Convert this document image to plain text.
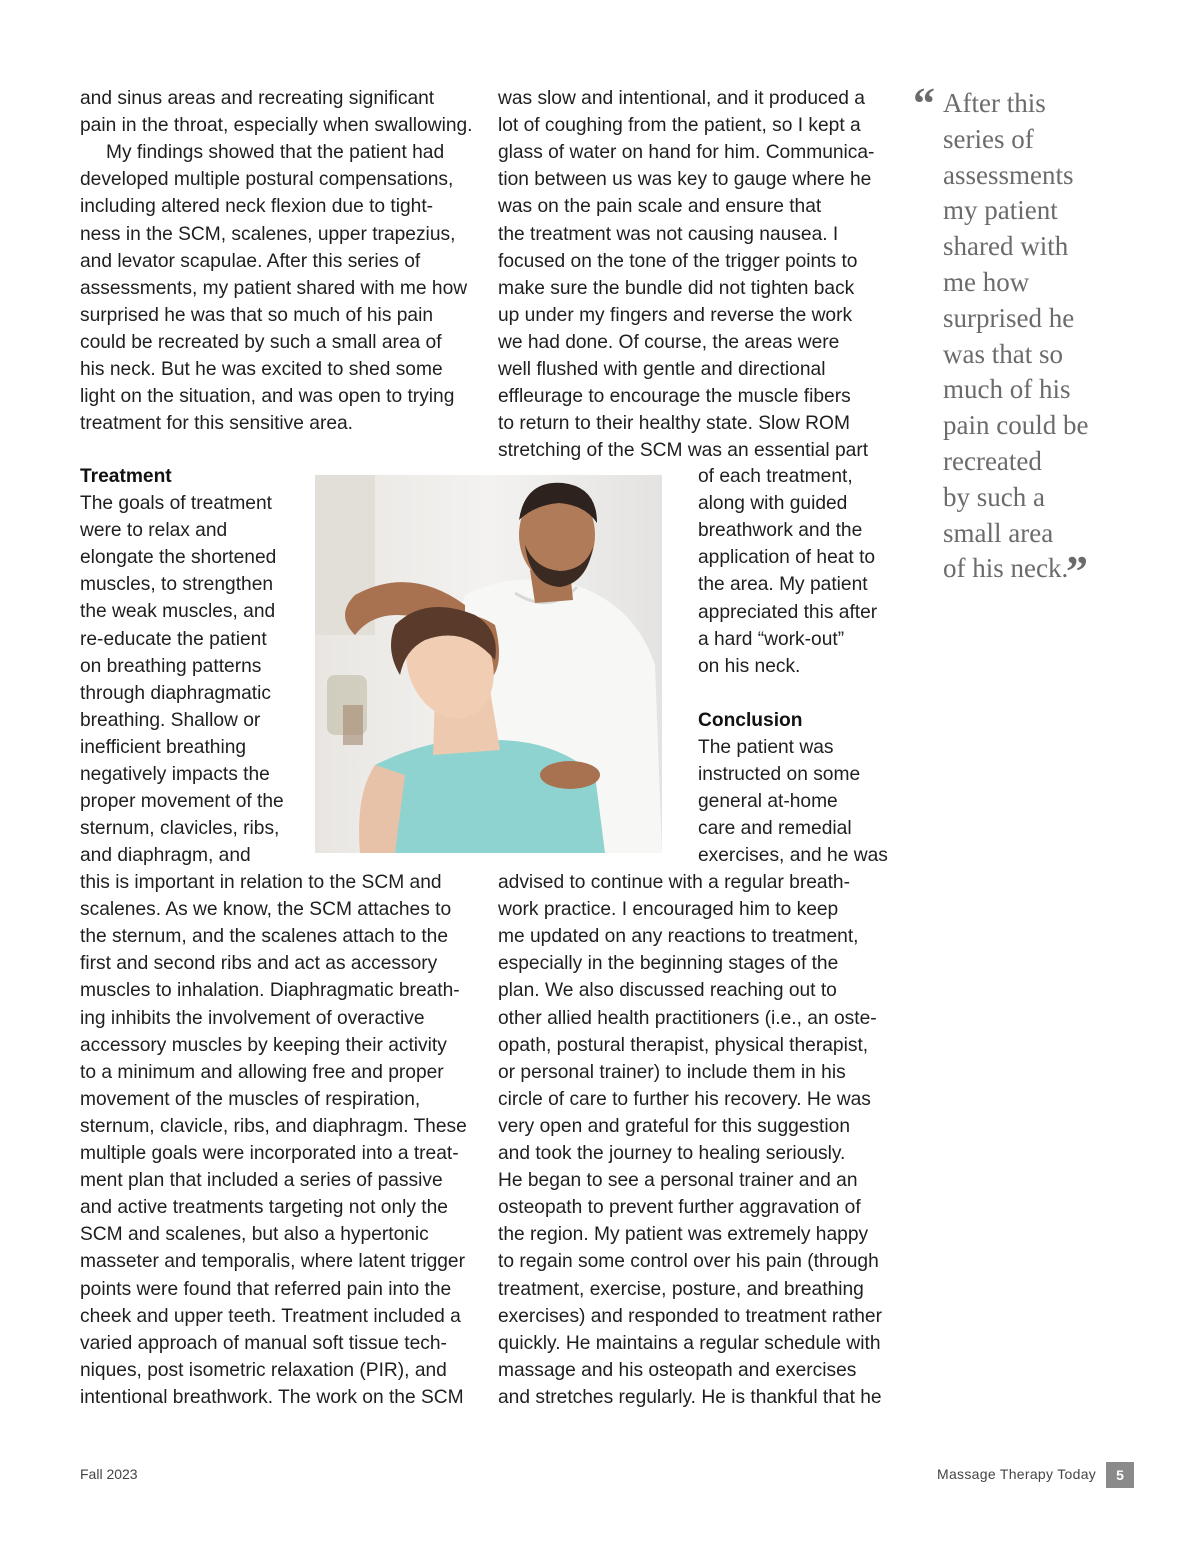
and sinus areas and recreating significant
pain in the throat, especially when swallowing.
My findings showed that the patient had
developed multiple postural compensations,
including altered neck flexion due to tight-
ness in the SCM, scalenes, upper trapezius,
and levator scapulae. After this series of
assessments, my patient shared with me how
surprised he was that so much of his pain
could be recreated by such a small area of
his neck. But he was excited to shed some
light on the situation, and was open to trying
treatment for this sensitive area.
Treatment
The goals of treatment
were to relax and
elongate the shortened
muscles, to strengthen
the weak muscles, and
re-educate the patient
on breathing patterns
through diaphragmatic
breathing. Shallow or
inefficient breathing
negatively impacts the
proper movement of the
sternum, clavicles, ribs,
and diaphragm, and
this is important in relation to the SCM and
scalenes. As we know, the SCM attaches to
the sternum, and the scalenes attach to the
first and second ribs and act as accessory
muscles to inhalation. Diaphragmatic breath-
ing inhibits the involvement of overactive
accessory muscles by keeping their activity
to a minimum and allowing free and proper
movement of the muscles of respiration,
sternum, clavicle, ribs, and diaphragm. These
multiple goals were incorporated into a treat-
ment plan that included a series of passive
and active treatments targeting not only the
SCM and scalenes, but also a hypertonic
masseter and temporalis, where latent trigger
points were found that referred pain into the
cheek and upper teeth. Treatment included a
varied approach of manual soft tissue tech-
niques, post isometric relaxation (PIR), and
intentional breathwork. The work on the SCM
was slow and intentional, and it produced a
lot of coughing from the patient, so I kept a
glass of water on hand for him. Communica-
tion between us was key to gauge where he
was on the pain scale and ensure that
the treatment was not causing nausea. I
focused on the tone of the trigger points to
make sure the bundle did not tighten back
up under my fingers and reverse the work
we had done. Of course, the areas were
well flushed with gentle and directional
effleurage to encourage the muscle fibers
to return to their healthy state. Slow ROM
stretching of the SCM was an essential part
of each treatment,
along with guided
breathwork and the
application of heat to
the area. My patient
appreciated this after
a hard “work-out”
on his neck.
Conclusion
The patient was
instructed on some
general at-home
care and remedial
exercises, and he was
advised to continue with a regular breath-
work practice. I encouraged him to keep
me updated on any reactions to treatment,
especially in the beginning stages of the
plan. We also discussed reaching out to
other allied health practitioners (i.e., an oste-
opath, postural therapist, physical therapist,
or personal trainer) to include them in his
circle of care to further his recovery. He was
very open and grateful for this suggestion
and took the journey to healing seriously.
He began to see a personal trainer and an
osteopath to prevent further aggravation of
the region. My patient was extremely happy
to regain some control over his pain (through
treatment, exercise, posture, and breathing
exercises) and responded to treatment rather
quickly. He maintains a regular schedule with
massage and his osteopath and exercises
and stretches regularly. He is thankful that he
“ After this
series of
assessments
my patient
shared with
me how
surprised he
was that so
much of his
pain could be
recreated
by such a
small area
of his neck.
”
Fall 2023	Massage Therapy Today	5
